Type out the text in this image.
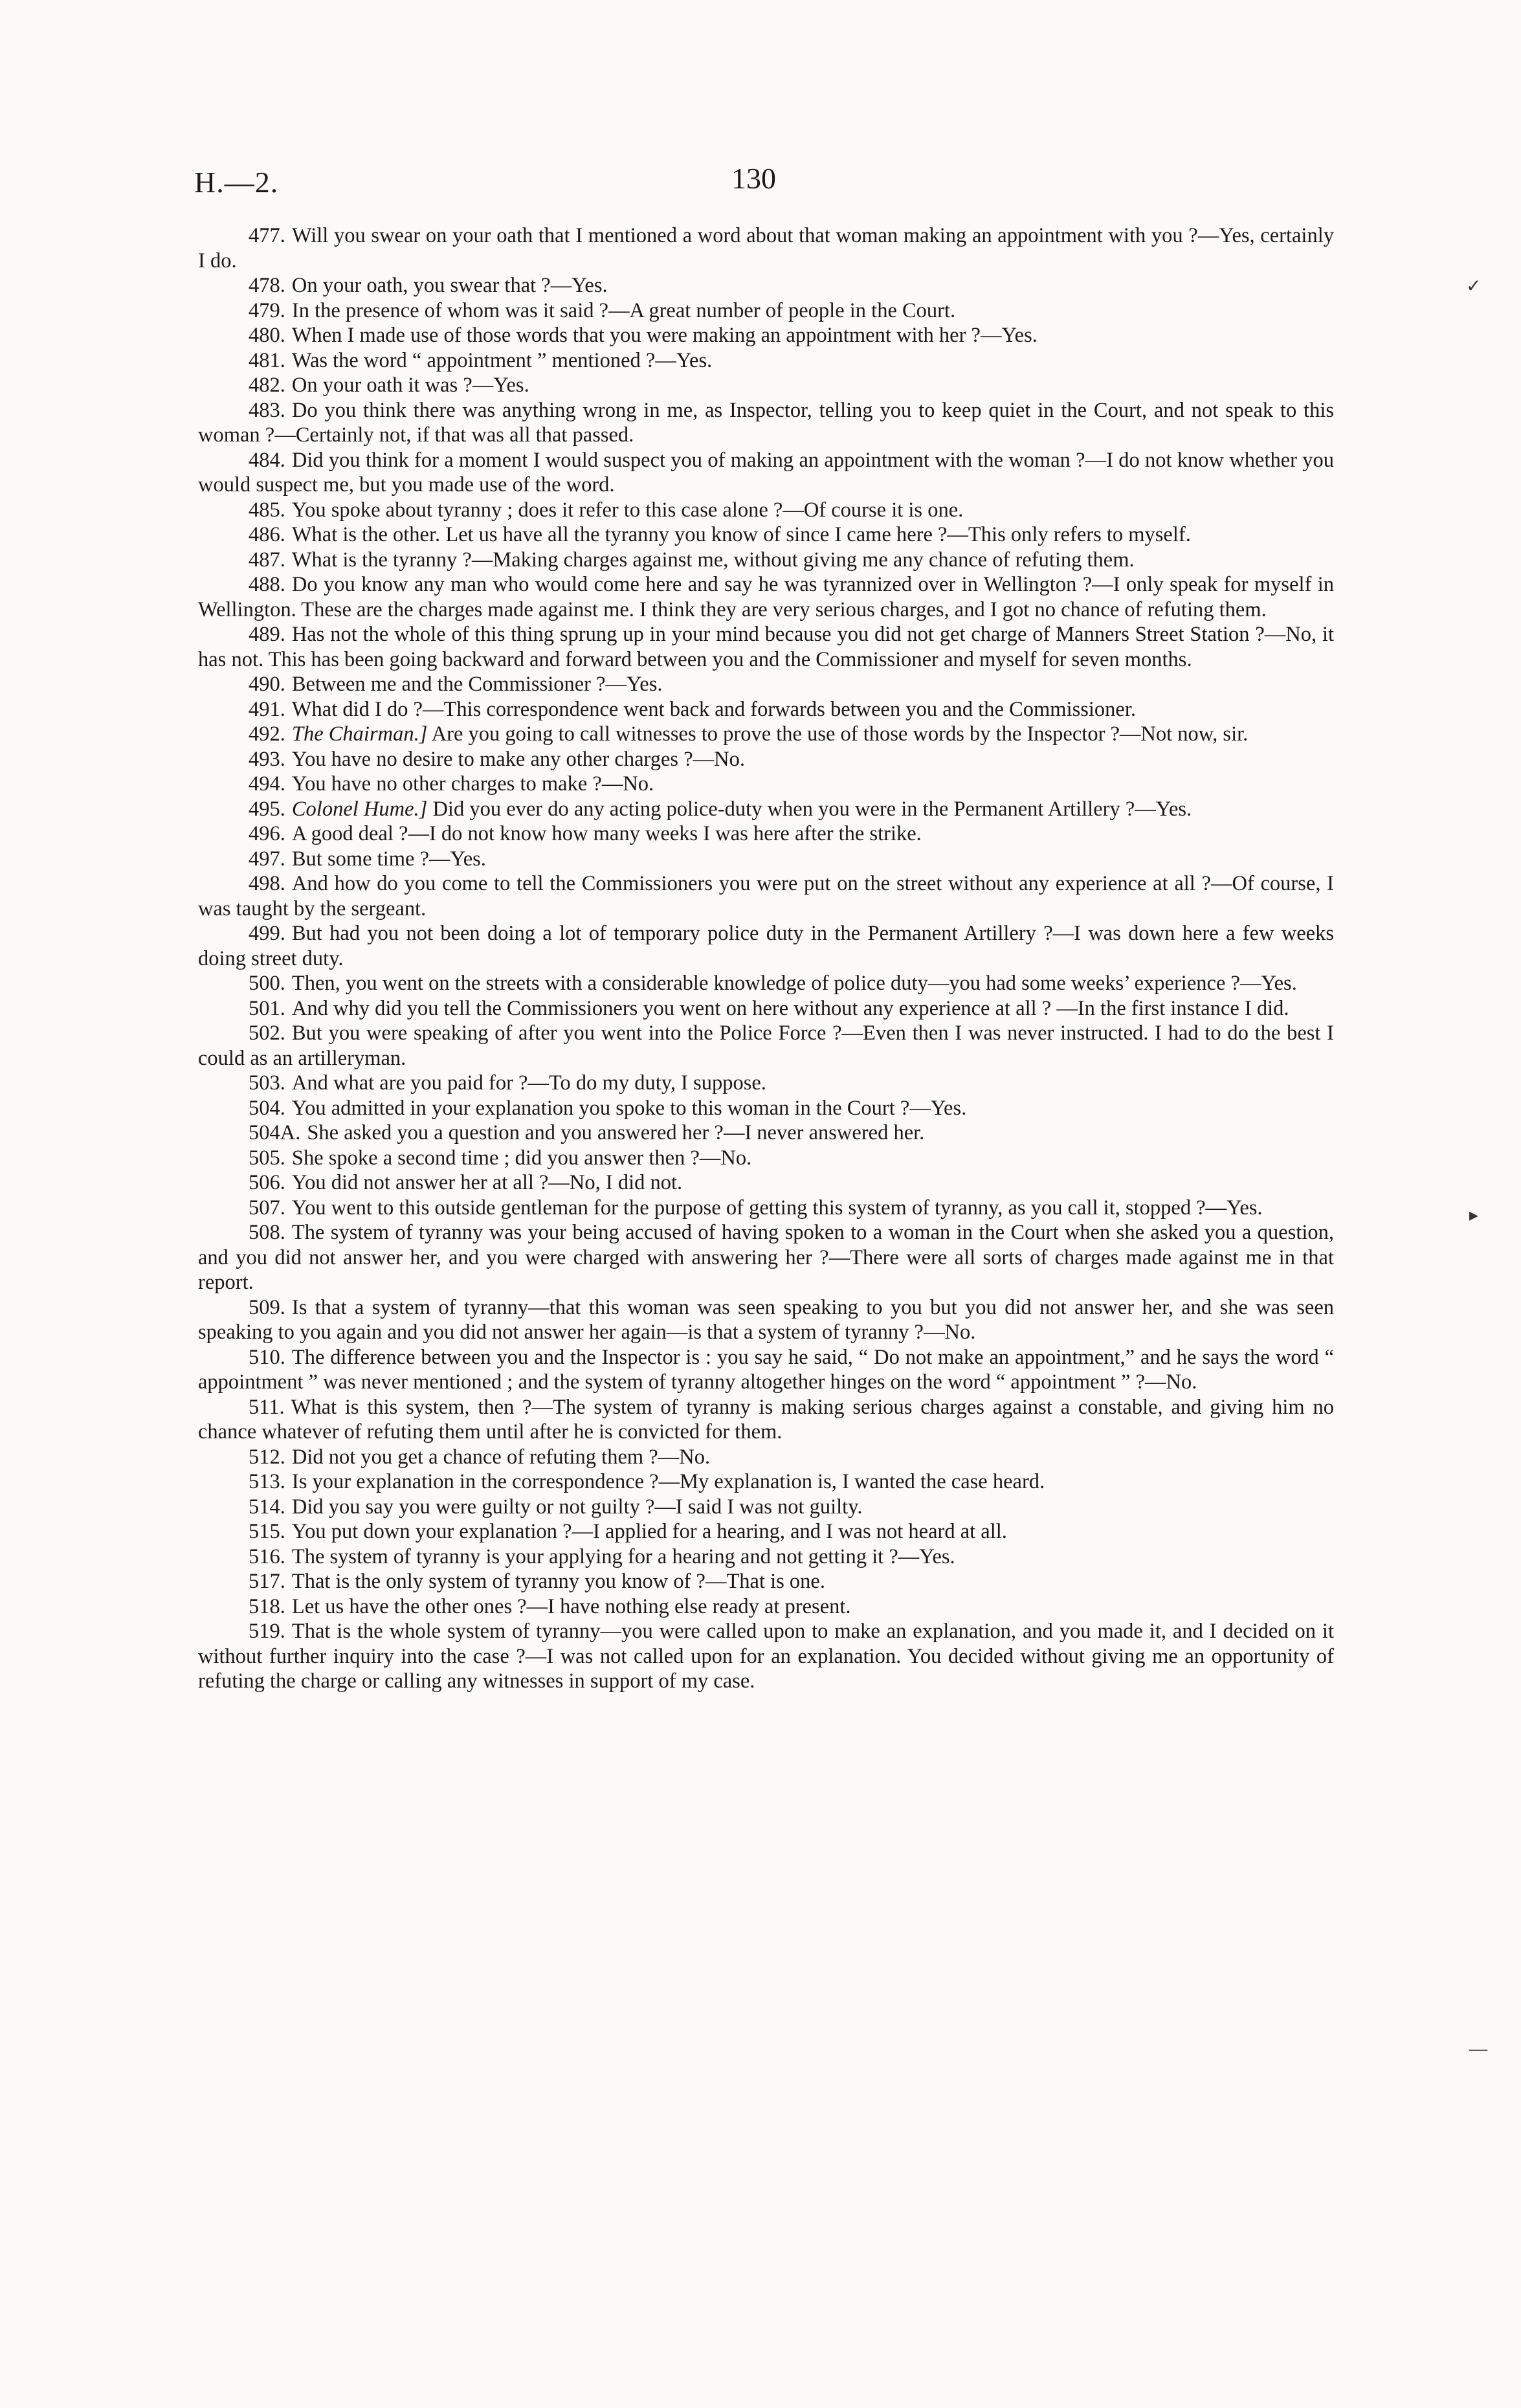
H.—2.	130

477. Will you swear on your oath that I mentioned a word about that woman making an appointment with you ?—Yes, certainly I do.

478. On your oath, you swear that ?—Yes.

479. In the presence of whom was it said ?—A great number of people in the Court.

480. When I made use of those words that you were making an appointment with her ?—Yes.

481. Was the word “ appointment ” mentioned ?—Yes.

482. On your oath it was ?—Yes.

483. Do you think there was anything wrong in me, as Inspector, telling you to keep quiet in the Court, and not speak to this woman ?—Certainly not, if that was all that passed.

484. Did you think for a moment I would suspect you of making an appointment with the woman ?—I do not know whether you would suspect me, but you made use of the word.

485. You spoke about tyranny ; does it refer to this case alone ?—Of course it is one.

486. What is the other. Let us have all the tyranny you know of since I came here ?—This only refers to myself.

487. What is the tyranny ?—Making charges against me, without giving me any chance of refuting them.

488. Do you know any man who would come here and say he was tyrannized over in Wellington ?—I only speak for myself in Wellington. These are the charges made against me. I think they are very serious charges, and I got no chance of refuting them.

489. Has not the whole of this thing sprung up in your mind because you did not get charge of Manners Street Station ?—No, it has not. This has been going backward and forward between you and the Commissioner and myself for seven months.

490. Between me and the Commissioner ?—Yes.

491. What did I do ?—This correspondence went back and forwards between you and the Commissioner.

492. The Chairman.] Are you going to call witnesses to prove the use of those words by the Inspector ?—Not now, sir.

493. You have no desire to make any other charges ?—No.

494. You have no other charges to make ?—No.

495. Colonel Hume.] Did you ever do any acting police-duty when you were in the Permanent Artillery ?—Yes.

496. A good deal ?—I do not know how many weeks I was here after the strike.

497. But some time ?—Yes.

498. And how do you come to tell the Commissioners you were put on the street without any experience at all ?—Of course, I was taught by the sergeant.

499. But had you not been doing a lot of temporary police duty in the Permanent Artillery ?—I was down here a few weeks doing street duty.

500. Then, you went on the streets with a considerable knowledge of police duty—you had some weeks’ experience ?—Yes.

501. And why did you tell the Commissioners you went on here without any experience at all ? —In the first instance I did.

502. But you were speaking of after you went into the Police Force ?—Even then I was never instructed. I had to do the best I could as an artilleryman.

503. And what are you paid for ?—To do my duty, I suppose.

504. You admitted in your explanation you spoke to this woman in the Court ?—Yes.

504A. She asked you a question and you answered her ?—I never answered her.

505. She spoke a second time ; did you answer then ?—No.

506. You did not answer her at all ?—No, I did not.

507. You went to this outside gentleman for the purpose of getting this system of tyranny, as you call it, stopped ?—Yes.

508. The system of tyranny was your being accused of having spoken to a woman in the Court when she asked you a question, and you did not answer her, and you were charged with answering her ?—There were all sorts of charges made against me in that report.

509. Is that a system of tyranny—that this woman was seen speaking to you but you did not answer her, and she was seen speaking to you again and you did not answer her again—is that a system of tyranny ?—No.

510. The difference between you and the Inspector is : you say he said, “ Do not make an appointment,” and he says the word “ appointment ” was never mentioned ; and the system of tyranny altogether hinges on the word “ appointment ” ?—No.

511. What is this system, then ?—The system of tyranny is making serious charges against a constable, and giving him no chance whatever of refuting them until after he is convicted for them.

512. Did not you get a chance of refuting them ?—No.

513. Is your explanation in the correspondence ?—My explanation is, I wanted the case heard.

514. Did you say you were guilty or not guilty ?—I said I was not guilty.

515. You put down your explanation ?—I applied for a hearing, and I was not heard at all.

516. The system of tyranny is your applying for a hearing and not getting it ?—Yes.

517. That is the only system of tyranny you know of ?—That is one.

518. Let us have the other ones ?—I have nothing else ready at present.

519. That is the whole system of tyranny—you were called upon to make an explanation, and you made it, and I decided on it without further inquiry into the case ?—I was not called upon for an explanation. You decided without giving me an opportunity of refuting the charge or calling any witnesses in support of my case.

✓
▸
—
